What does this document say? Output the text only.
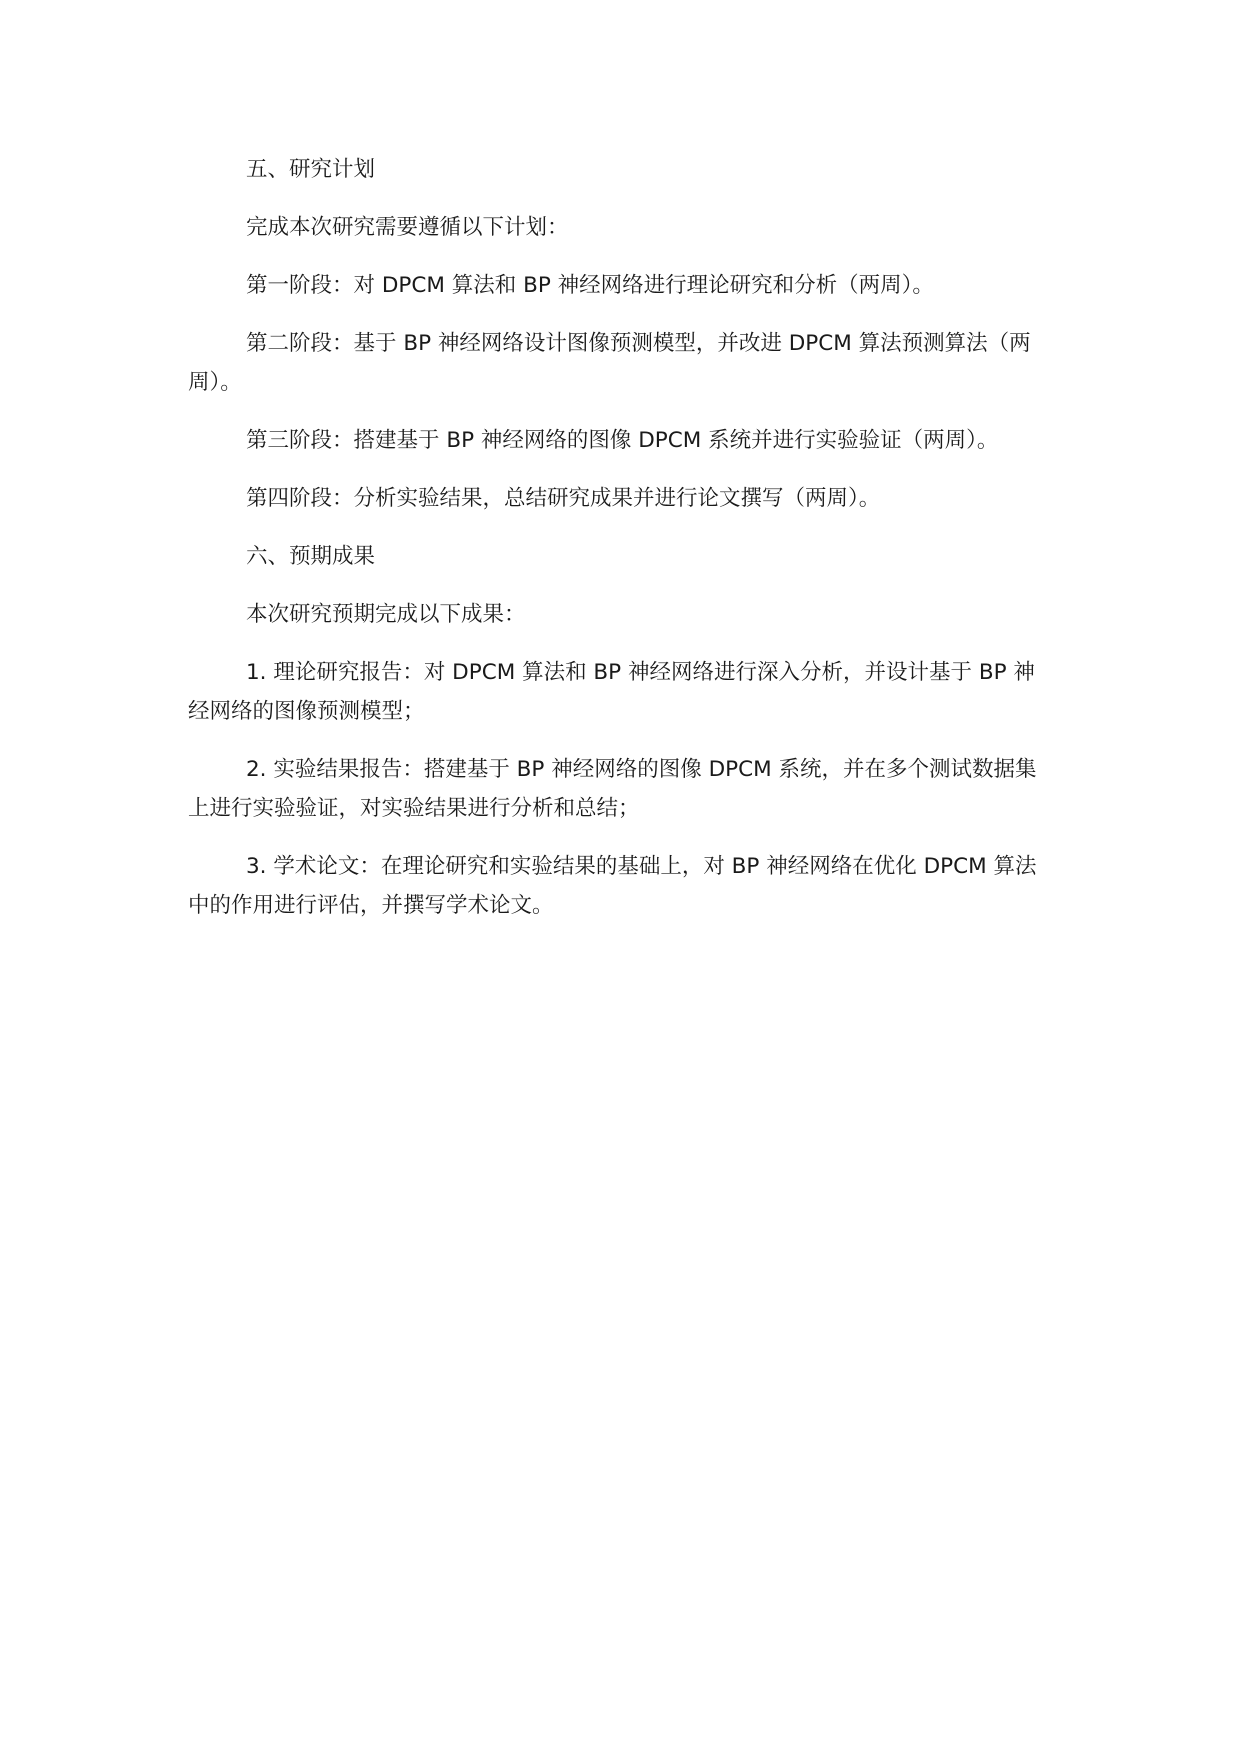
五、研究计划

完成本次研究需要遵循以下计划：

第一阶段：对 DPCM 算法和 BP 神经网络进行理论研究和分析（两周）。

第二阶段：基于 BP 神经网络设计图像预测模型，并改进 DPCM 算法预测算法（两周）。

第三阶段：搭建基于 BP 神经网络的图像 DPCM 系统并进行实验验证（两周）。

第四阶段：分析实验结果，总结研究成果并进行论文撰写（两周）。

六、预期成果

本次研究预期完成以下成果：

1. 理论研究报告：对 DPCM 算法和 BP 神经网络进行深入分析，并设计基于 BP 神经网络的图像预测模型；

2. 实验结果报告：搭建基于 BP 神经网络的图像 DPCM 系统，并在多个测试数据集上进行实验验证，对实验结果进行分析和总结；

3. 学术论文：在理论研究和实验结果的基础上，对 BP 神经网络在优化 DPCM 算法中的作用进行评估，并撰写学术论文。
